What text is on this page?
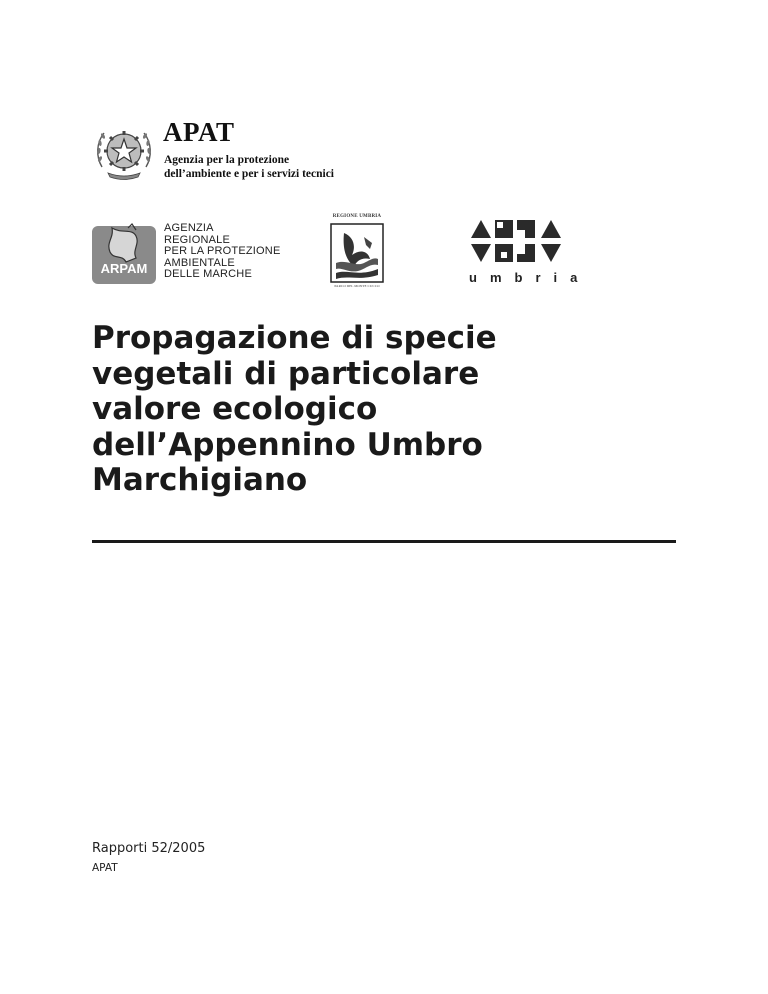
APAT
Agenzia per la protezione
dell’ambiente e per i servizi tecnici
ARPAM
AGENZIA
REGIONALE
PER LA PROTEZIONE
AMBIENTALE
DELLE MARCHE
REGIONE UMBRIA
PARCO DEL MONTE CUCCO
umbria
Propagazione di specie
vegetali di particolare
valore ecologico
dell’Appennino Umbro
Marchigiano
Rapporti 52/2005
APAT
